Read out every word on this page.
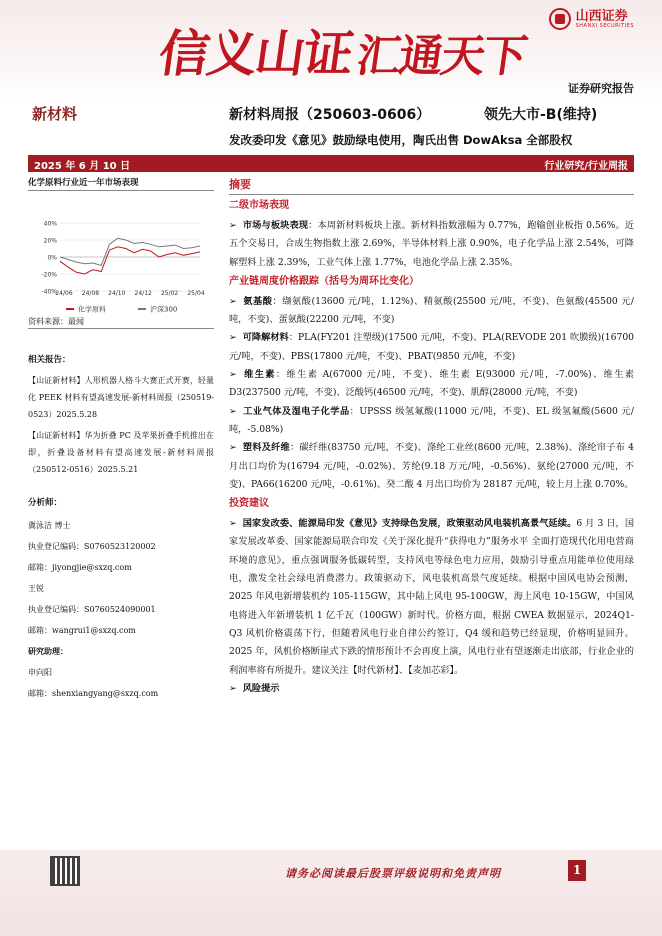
信义山证汇通天下
山西证券
SHANXI SECURITIES
证券研究报告
新材料	新材料周报（250603-0606）	领先大市-B(维持)
发改委印发《意见》鼓励绿电使用，陶氏出售 DowAksa 全部股权
2025 年 6 月 10 日	行业研究/行业周报
化学原料行业近一年市场表现
40%
20%
0%
-20%
-40%
24/06 24/08 24/10 24/12 25/02 25/04
化学原料	沪深300
资料来源：最闻
相关报告：
【山证新材料】人形机器人格斗大赛正式开赛，轻量化 PEEK 材料有望高速发展-新材料周报（250519-0523）2025.5.28
【山证新材料】华为折叠 PC 及苹果折叠手机推出在即，折叠设备材料有望高速发展-新材料周报（250512-0516）2025.5.21
分析师：
冀泳洁 博士
执业登记编码：S0760523120002
邮箱：jiyongjie@sxzq.com
王锐
执业登记编码：S0760524090001
邮箱：wangrui1@sxzq.com
研究助理：
申向阳
邮箱：shenxiangyang@sxzq.com
摘要
二级市场表现
➢ 市场与板块表现：本周新材料板块上涨。新材料指数涨幅为 0.77%，跑输创业板指 0.56%。近五个交易日，合成生物指数上涨 2.69%，半导体材料上涨 0.90%，电子化学品上涨 2.54%，可降解塑料上涨 2.39%，工业气体上涨 1.77%，电池化学品上涨 2.35%。
产业链周度价格跟踪（括号为周环比变化）
➢ 氨基酸：缬氨酸(13600 元/吨，1.12%)、精氨酸(25500 元/吨，不变)、色氨酸(45500 元/吨，不变)、蛋氨酸(22200 元/吨，不变)
➢ 可降解材料：PLA(FY201 注塑级)(17500 元/吨，不变)、PLA(REVODE 201 吹膜级)(16700 元/吨，不变)、PBS(17800 元/吨，不变)、PBAT(9850 元/吨，不变)
➢ 维生素：维生素 A(67000 元/吨，不变)、维生素 E(93000 元/吨，-7.00%)、维生素 D3(237500 元/吨，不变)、泛酸钙(46500 元/吨，不变)、肌醇(28000 元/吨，不变)
➢ 工业气体及湿电子化学品：UPSSS 级氢氟酸(11000 元/吨，不变)、EL 级氢氟酸(5600 元/吨，-5.08%)
➢ 塑料及纤维：碳纤维(83750 元/吨，不变)、涤纶工业丝(8600 元/吨，2.38%)、涤纶帘子布 4 月出口均价为(16794 元/吨，-0.02%)、芳纶(9.18 万元/吨，-0.56%)、氨纶(27000 元/吨，不变)、PA66(16200 元/吨，-0.61%)、癸二酸 4 月出口均价为 28187 元/吨，较上月上涨 0.70%。
投资建议
➢ 国家发改委、能源局印发《意见》支持绿色发展，政策驱动风电装机高景气延续。6 月 3 日，国家发展改革委、国家能源局联合印发《关于深化提升“获得电力”服务水平 全面打造现代化用电营商环境的意见》，重点强调服务低碳转型，支持风电等绿色电力应用，鼓励引导重点用能单位使用绿电，激发全社会绿电消费潜力。政策驱动下，风电装机高景气度延续。根据中国风电协会预测，2025 年风电新增装机约 105-115GW，其中陆上风电 95-100GW，海上风电 10-15GW，中国风电将进入年新增装机 1 亿千瓦（100GW）新时代。价格方面，根据 CWEA 数据显示，2024Q1-Q3 风机价格震荡下行，但随着风电行业自律公约签订，Q4 缓和趋势已经显现，价格明显回升。2025 年，风机价格断崖式下跌的情形预计不会再度上演，风电行业有望逐渐走出底部，行业企业的利润率将有所提升。建议关注【时代新材】、【麦加芯彩】。
➢ 风险提示
请务必阅读最后股票评级说明和免责声明	1
